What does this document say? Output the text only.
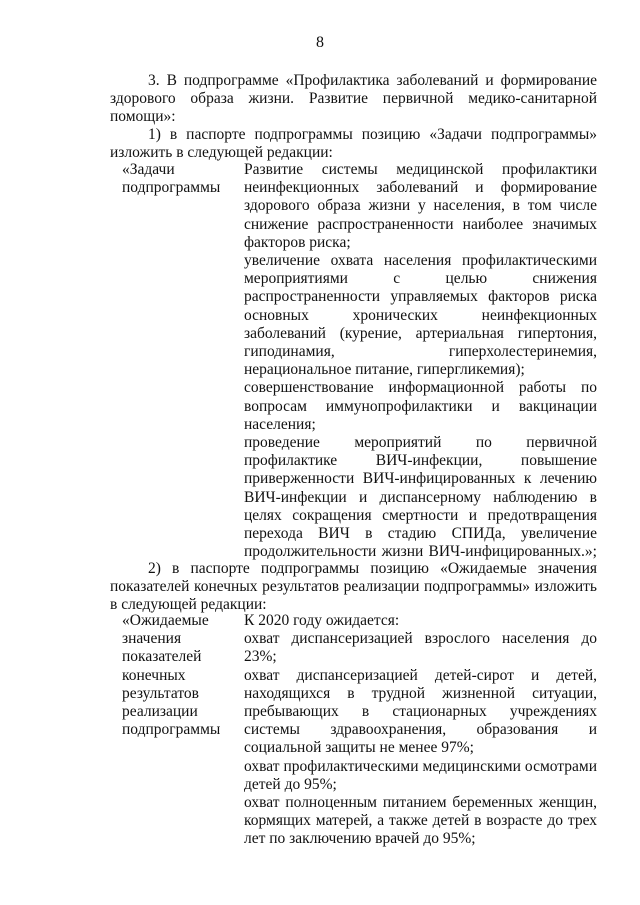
8
3. В подпрограмме «Профилактика заболеваний и формирование здорового образа жизни. Развитие первичной медико-санитарной помощи»:
1) в паспорте подпрограммы позицию «Задачи подпрограммы» изложить в следующей редакции:
«Задачи подпрограммы

Развитие системы медицинской профилактики неинфекционных заболеваний и формирование здорового образа жизни у населения, в том числе снижение распространенности наиболее значимых факторов риска;

увеличение охвата населения профилактическими мероприятиями с целью снижения распространенности управляемых факторов риска основных хронических неинфекционных заболеваний (курение, артериальная гипертония, гиподинамия, гиперхолестеринемия, нерациональное питание, гипергликемия);

совершенствование информационной работы по вопросам иммунопрофилактики и вакцинации населения;

проведение мероприятий по первичной профилактике ВИЧ-инфекции, повышение приверженности ВИЧ-инфицированных к лечению ВИЧ-инфекции и диспансерному наблюдению в целях сокращения смертности и предотвращения перехода ВИЧ в стадию СПИДа, увеличение продолжительности жизни ВИЧ-инфицированных.»;

2) в паспорте подпрограммы позицию «Ожидаемые значения показателей конечных результатов реализации подпрограммы» изложить в следующей редакции:
«Ожидаемые значения показателей конечных результатов реализации подпрограммы

К 2020 году ожидается:

охват диспансеризацией взрослого населения до 23%;

охват диспансеризацией детей-сирот и детей, находящихся в трудной жизненной ситуации, пребывающих в стационарных учреждениях системы здравоохранения, образования и социальной защиты не менее 97%;

охват профилактическими медицинскими осмотрами детей до 95%;

охват полноценным питанием беременных женщин, кормящих матерей, а также детей в возрасте до трех лет по заключению врачей до 95%;
